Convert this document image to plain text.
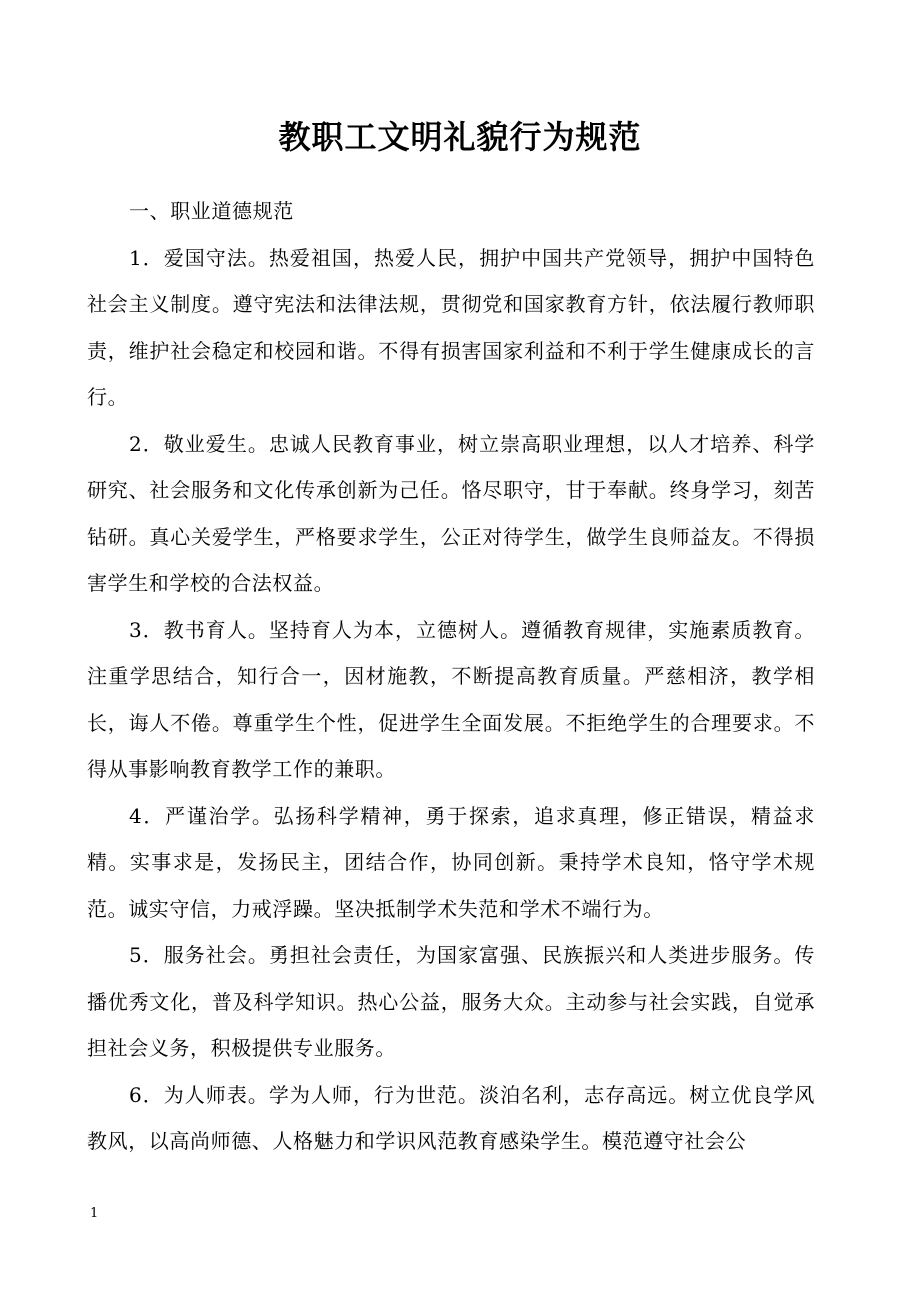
教职工文明礼貌行为规范

一、职业道德规范

1．爱国守法。热爱祖国，热爱人民，拥护中国共产党领导，拥护中国特色社会主义制度。遵守宪法和法律法规，贯彻党和国家教育方针，依法履行教师职责，维护社会稳定和校园和谐。不得有损害国家利益和不利于学生健康成长的言行。

2．敬业爱生。忠诚人民教育事业，树立崇高职业理想，以人才培养、科学研究、社会服务和文化传承创新为己任。恪尽职守，甘于奉献。终身学习，刻苦钻研。真心关爱学生，严格要求学生，公正对待学生，做学生良师益友。不得损害学生和学校的合法权益。

3．教书育人。坚持育人为本，立德树人。遵循教育规律，实施素质教育。注重学思结合，知行合一，因材施教，不断提高教育质量。严慈相济，教学相长，诲人不倦。尊重学生个性，促进学生全面发展。不拒绝学生的合理要求。不得从事影响教育教学工作的兼职。

4．严谨治学。弘扬科学精神，勇于探索，追求真理，修正错误，精益求精。实事求是，发扬民主，团结合作，协同创新。秉持学术良知，恪守学术规范。诚实守信，力戒浮躁。坚决抵制学术失范和学术不端行为。

5．服务社会。勇担社会责任，为国家富强、民族振兴和人类进步服务。传播优秀文化，普及科学知识。热心公益，服务大众。主动参与社会实践，自觉承担社会义务，积极提供专业服务。

6．为人师表。学为人师，行为世范。淡泊名利，志存高远。树立优良学风教风，以高尚师德、人格魅力和学识风范教育感染学生。模范遵守社会公

1
